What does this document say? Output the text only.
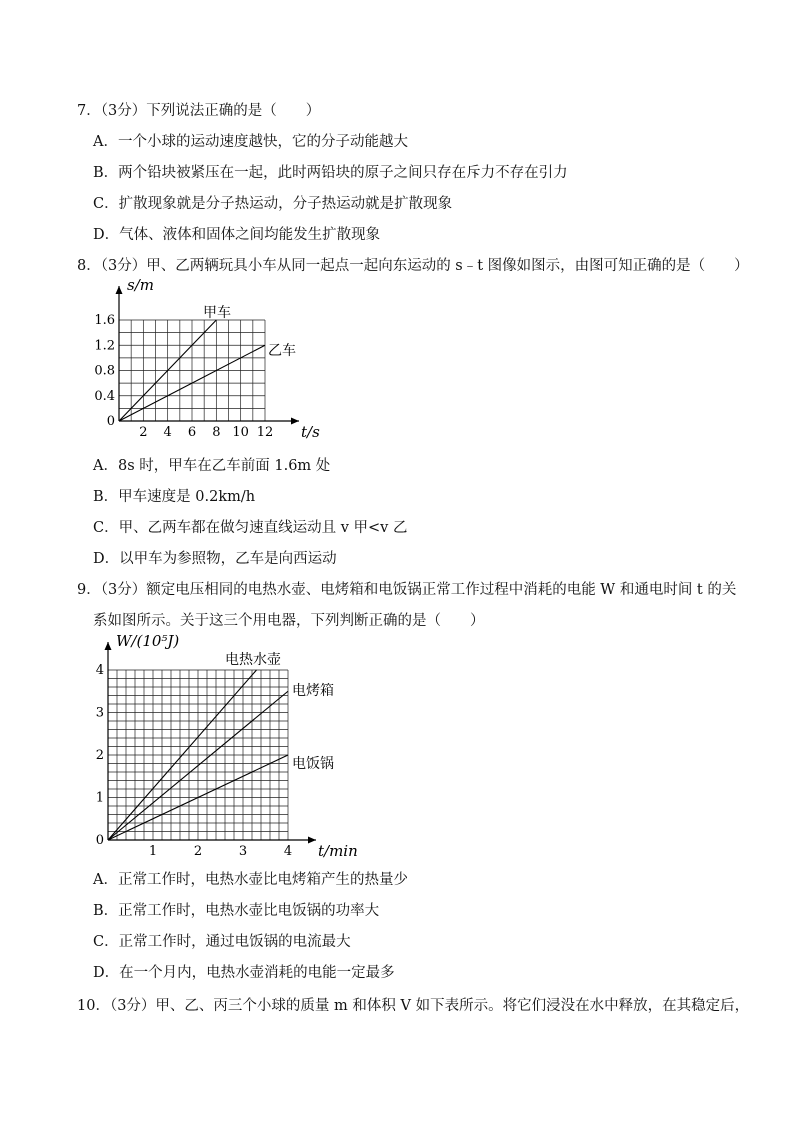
7．（3分）下列说法正确的是（　　）
A．一个小球的运动速度越快，它的分子动能越大
B．两个铅块被紧压在一起，此时两铅块的原子之间只存在斥力不存在引力
C．扩散现象就是分子热运动，分子热运动就是扩散现象
D．气体、液体和固体之间均能发生扩散现象
8．（3分）甲、乙两辆玩具小车从同一起点一起向东运动的 s﹣t 图像如图示，由图可知正确的是（　　）
2 4 6 8 10 12
0.4
0.8
1.2
1.6
0
甲车
乙车
t/s
s/m
A．8s 时，甲车在乙车前面 1.6m 处
B．甲车速度是 0.2km/h
C．甲、乙两车都在做匀速直线运动且 v 甲<v 乙
D．以甲车为参照物，乙车是向西运动
9．（3分）额定电压相同的电热水壶、电烤箱和电饭锅正常工作过程中消耗的电能 W 和通电时间 t 的关
系如图所示。关于这三个用电器，下列判断正确的是（　　）
1	2	3	4
1
2
3
4
0
电热水壶
电烤箱
电饭锅
t/min
W/(10⁵J)
A．正常工作时，电热水壶比电烤箱产生的热量少
B．正常工作时，电热水壶比电饭锅的功率大
C．正常工作时，通过电饭锅的电流最大
D．在一个月内，电热水壶消耗的电能一定最多
10．（3分）甲、乙、丙三个小球的质量 m 和体积 V 如下表所示。将它们浸没在水中释放，在其稳定后，
